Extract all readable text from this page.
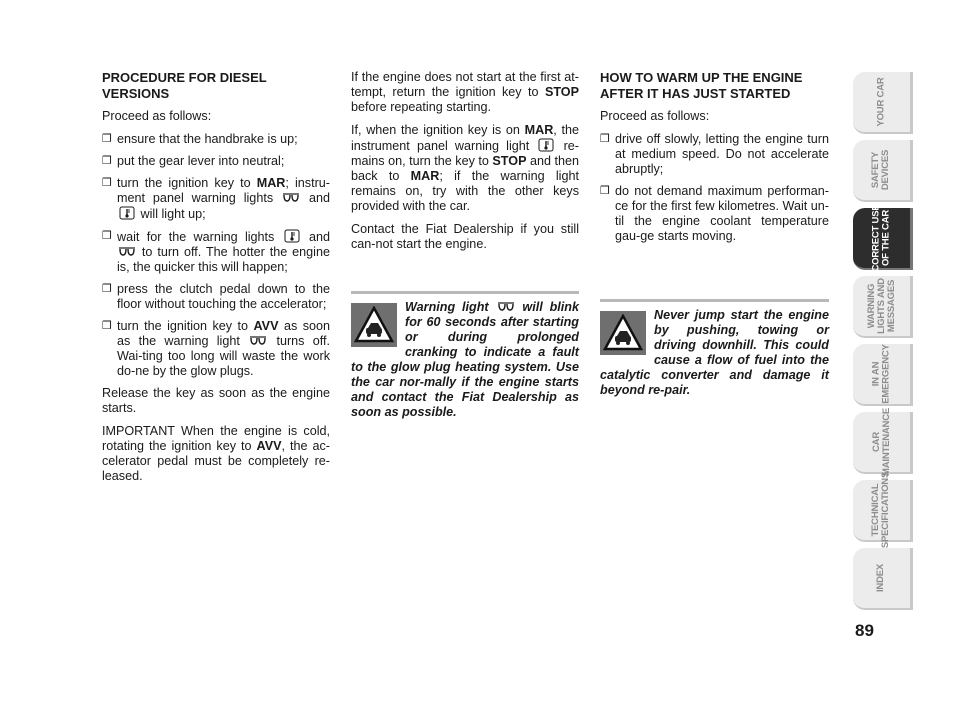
PROCEDURE FOR DIESEL VERSIONS

Proceed as follows:

❒ ensure that the handbrake is up;
❒ put the gear lever into neutral;
❒ turn the ignition key to MAR; instru-ment panel warning lights  and  will light up;
❒ wait for the warning lights  and  to turn off. The hotter the engine is, the quicker this will happen;
❒ press the clutch pedal down to the floor without touching the accelerator;
❒ turn the ignition key to AVV as soon as the warning light  turns off. Wai-ting too long will waste the work do-ne by the glow plugs.

Release the key as soon as the engine starts.

IMPORTANT When the engine is cold, rotating the ignition key to AVV, the ac-celerator pedal must be completely re-leased.

If the engine does not start at the first at-tempt, return the ignition key to STOP before repeating starting.

If, when the ignition key is on MAR, the instrument panel warning light  re-mains on, turn the key to STOP and then back to MAR; if the warning light remains on, try with the other keys provided with the car.

Contact the Fiat Dealership if you still can-not start the engine.

Warning light  will blink for 60 seconds after starting or during prolonged cranking to indicate a fault to the glow plug heating system. Use the car nor-mally if the engine starts and contact the Fiat Dealership as soon as possible.
HOW TO WARM UP THE ENGINE AFTER IT HAS JUST STARTED

Proceed as follows:

❒ drive off slowly, letting the engine turn at medium speed. Do not accelerate abruptly;
❒ do not demand maximum performan-ce for the first few kilometres. Wait un-til the engine coolant temperature gau-ge starts moving.
Never jump start the engine by pushing, towing or driving downhill. This could cause a flow of fuel into the catalytic converter and damage it beyond re-pair.
YOUR CAR
SAFETY
DEVICES
CORRECT USE
OF THE CAR
WARNING
LIGHTS AND
MESSAGES
IN AN
EMERGENCY
CAR
MAINTENANCE
TECHNICAL
SPECIFICATIONS
INDEX
89
